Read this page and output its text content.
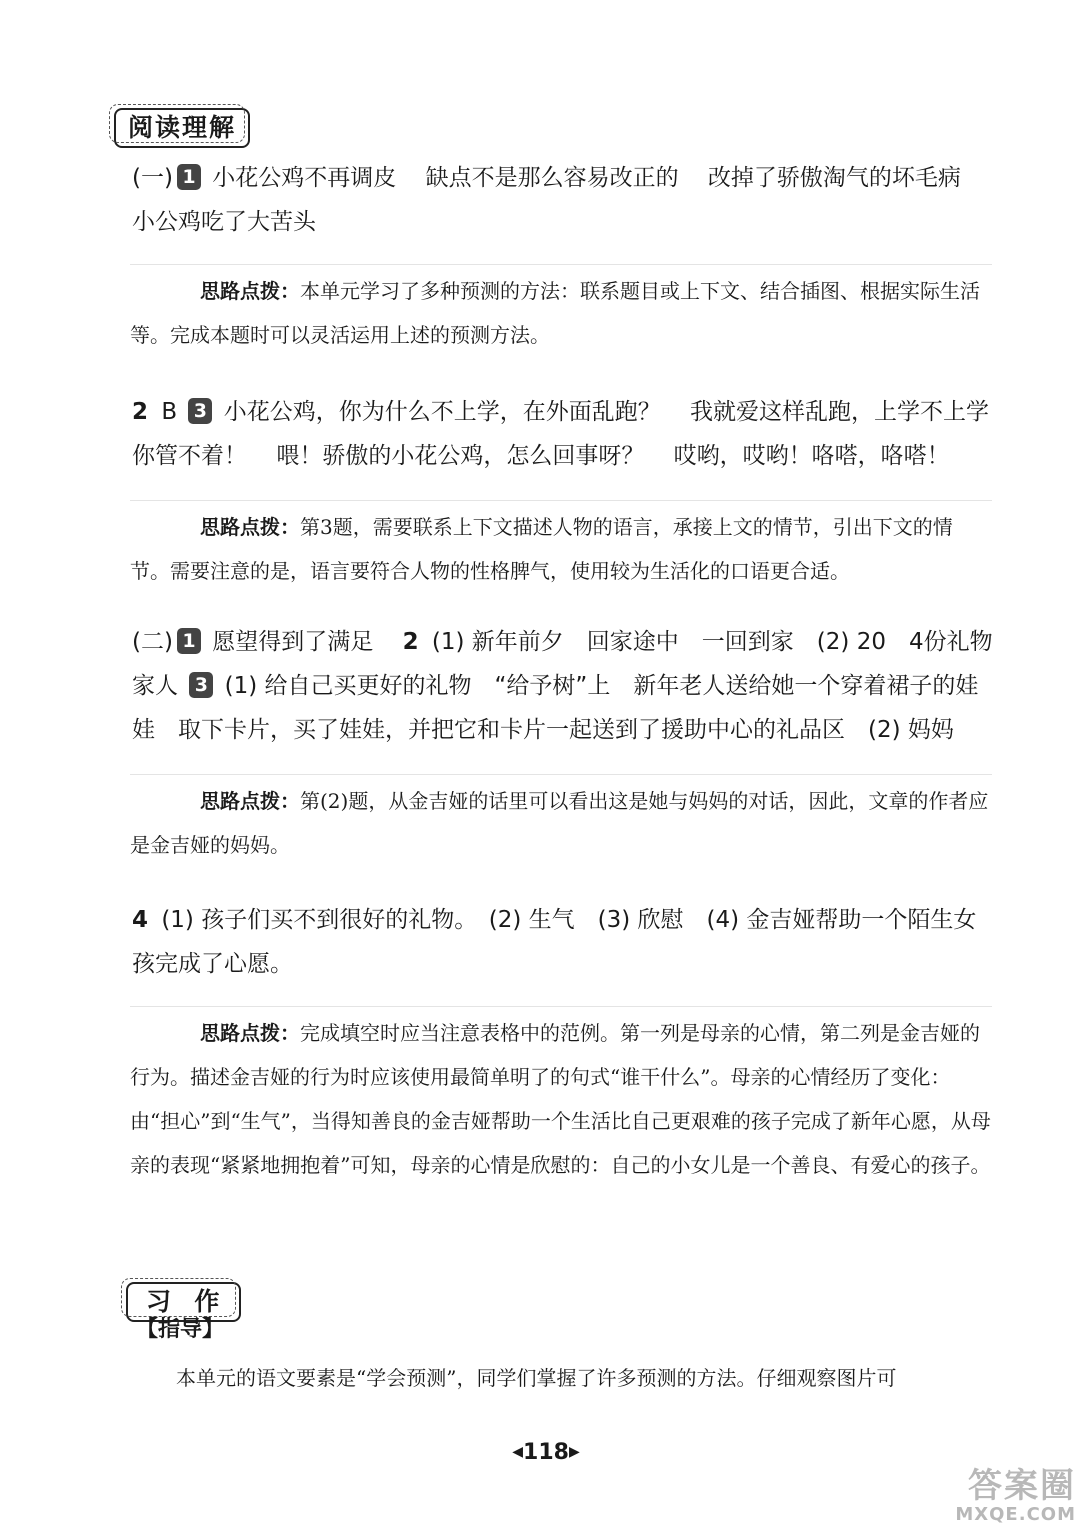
阅读理解
(一) 1 小花公鸡不再调皮 缺点不是那么容易改正的 改掉了骄傲淘气的坏毛病 小公鸡吃了大苦头
思路点拨：本单元学习了多种预测的方法：联系题目或上下文、结合插图、根据实际生活等。完成本题时可以灵活运用上述的预测方法。
2 B 3 小花公鸡，你为什么不上学，在外面乱跑？ 我就爱这样乱跑，上学不上学你管不着！ 喂！骄傲的小花公鸡，怎么回事呀？ 哎哟，哎哟！咯嗒，咯嗒！
思路点拨：第3题，需要联系上下文描述人物的语言，承接上文的情节，引出下文的情节。需要注意的是，语言要符合人物的性格脾气，使用较为生活化的口语更合适。
(二) 1 愿望得到了满足 2 (1) 新年前夕　回家途中　一回到家　(2) 20　4份礼物　家人 3 (1) 给自己买更好的礼物　“给予树”上　新年老人送给她一个穿着裙子的娃娃　取下卡片，买了娃娃，并把它和卡片一起送到了援助中心的礼品区　(2) 妈妈
思路点拨：第(2)题，从金吉娅的话里可以看出这是她与妈妈的对话，因此，文章的作者应是金吉娅的妈妈。
4 (1) 孩子们买不到很好的礼物。　(2) 生气　(3) 欣慰　(4) 金吉娅帮助一个陌生女孩完成了心愿。
思路点拨：完成填空时应当注意表格中的范例。第一列是母亲的心情，第二列是金吉娅的行为。描述金吉娅的行为时应该使用最简单明了的句式“谁干什么”。母亲的心情经历了变化：由“担心”到“生气”，当得知善良的金吉娅帮助一个生活比自己更艰难的孩子完成了新年心愿，从母亲的表现“紧紧地拥抱着”可知，母亲的心情是欣慰的：自己的小女儿是一个善良、有爱心的孩子。
习  作
【指导】
本单元的语文要素是“学会预测”，同学们掌握了许多预测的方法。仔细观察图片可
◀118▶
答案圈
MXQE.COM
